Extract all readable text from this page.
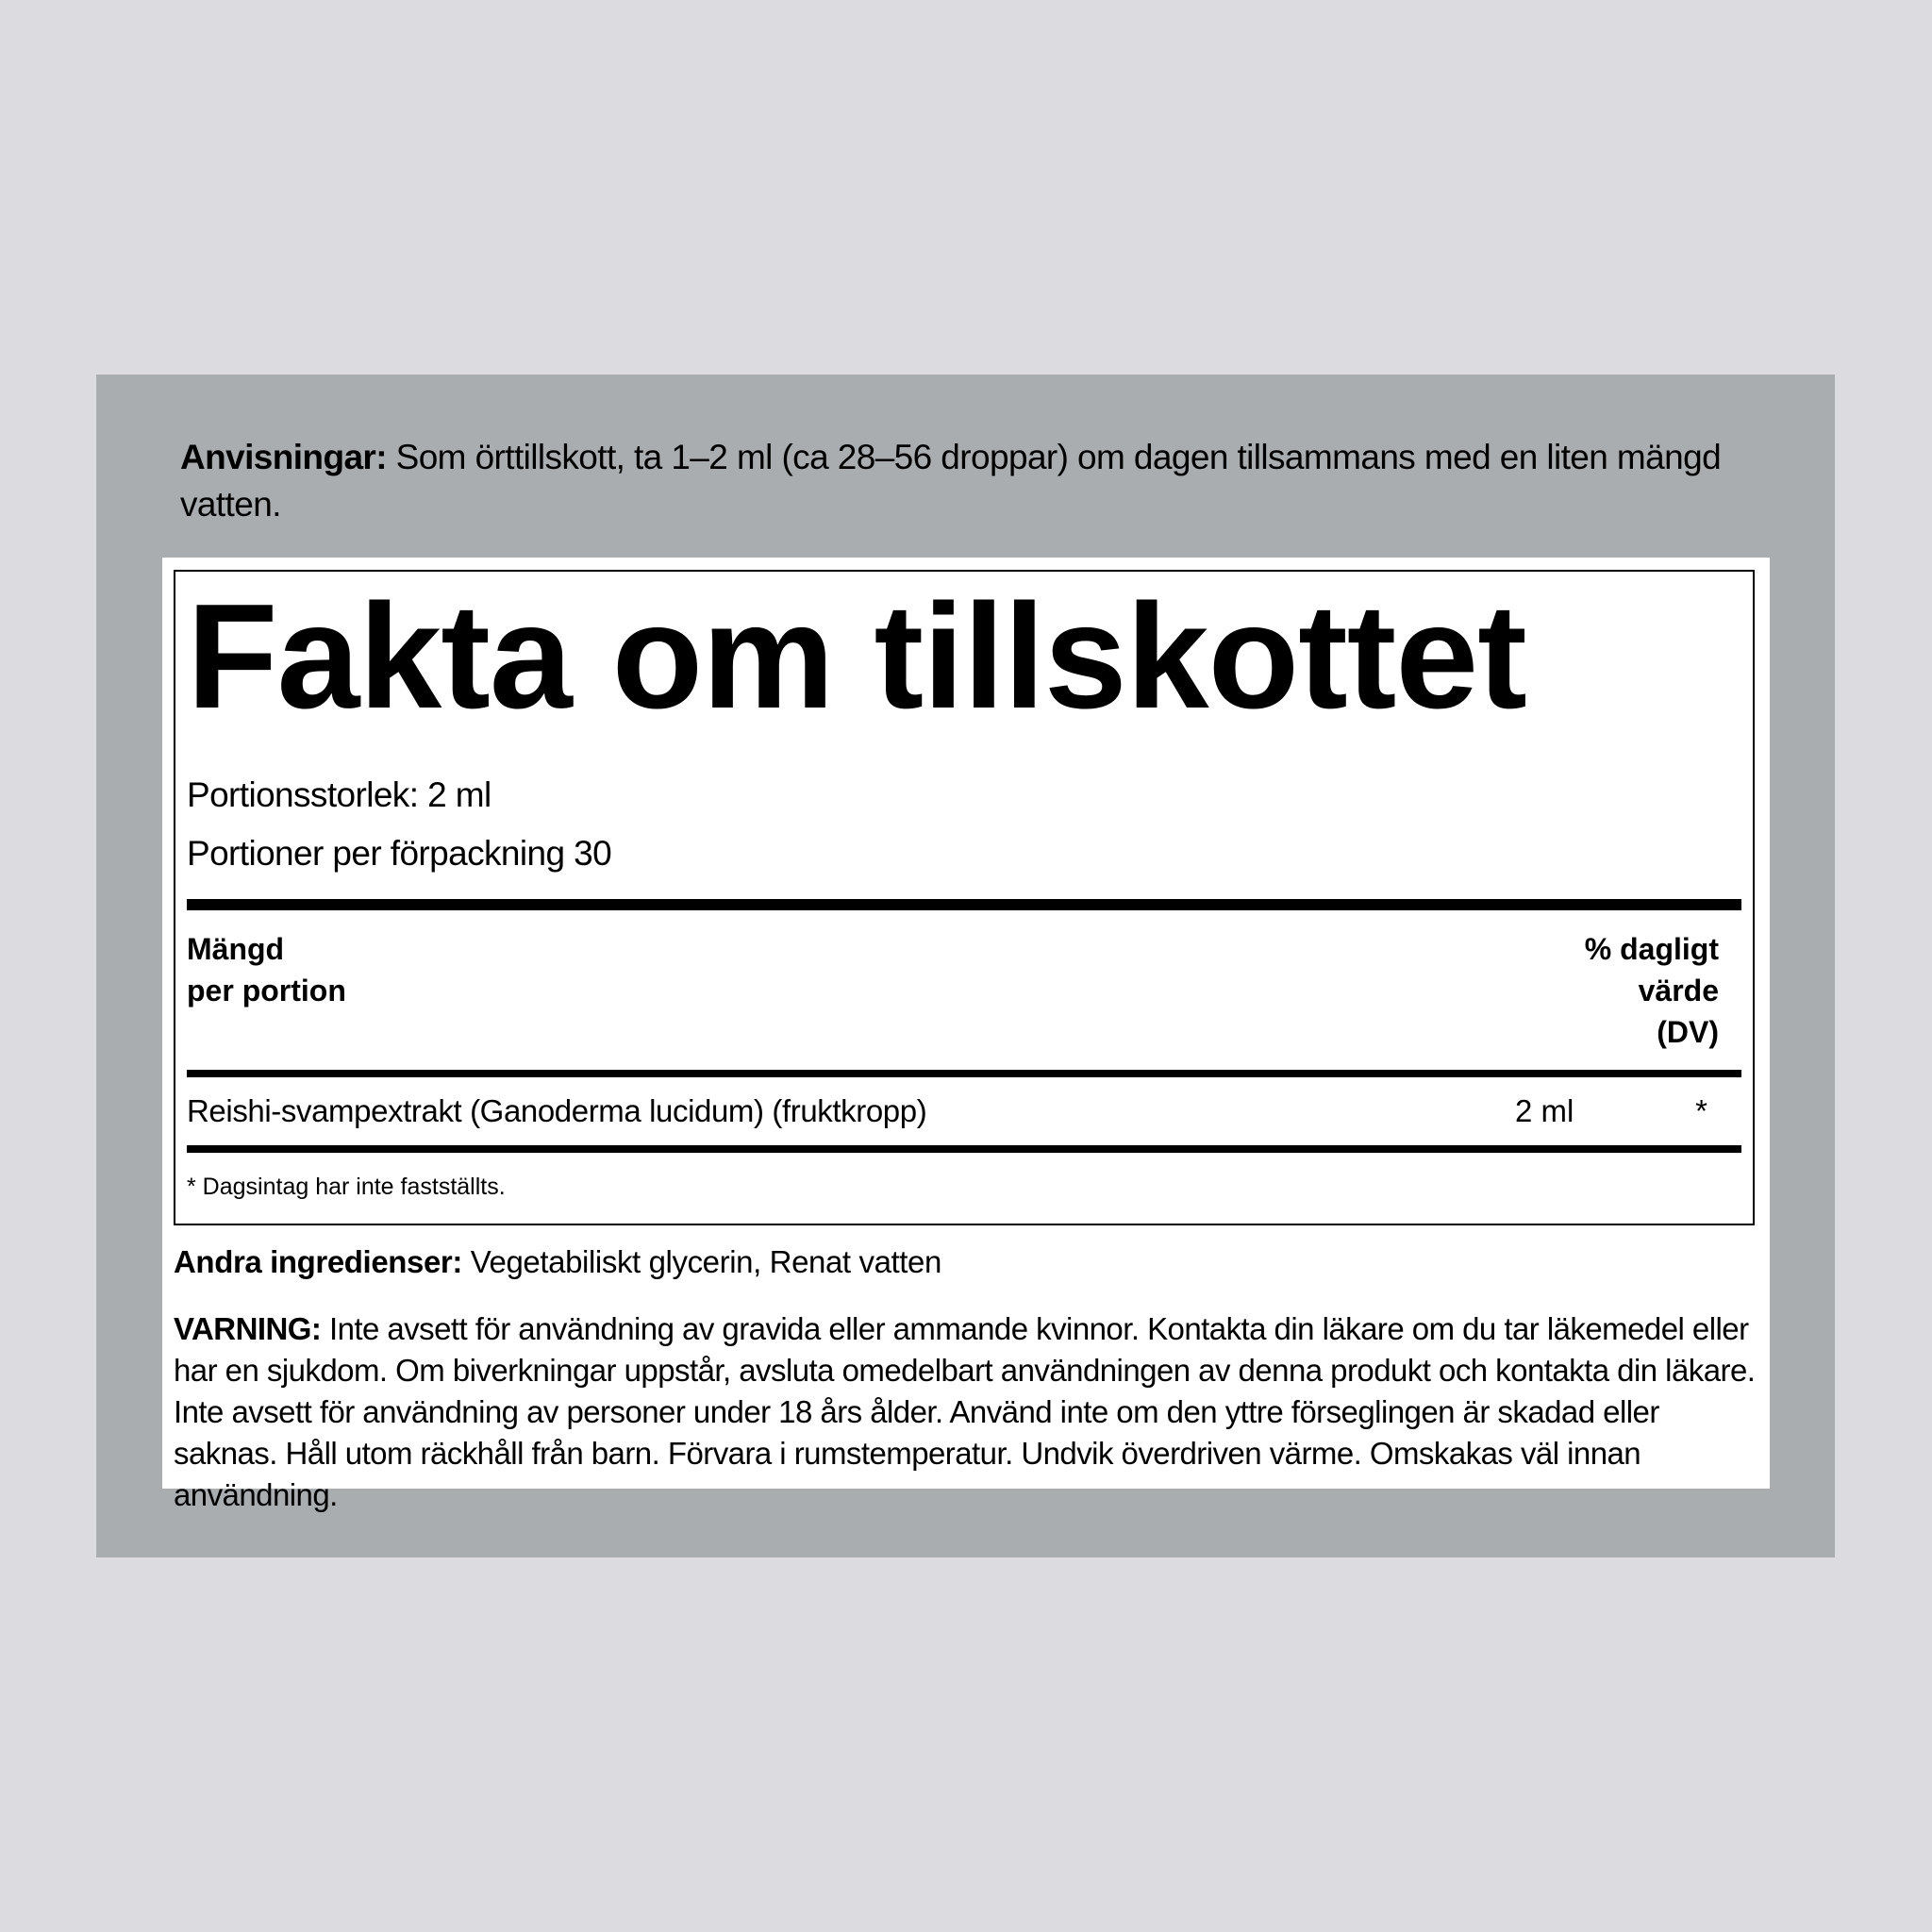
Anvisningar: Som örttillskott, ta 1–2 ml (ca 28–56 droppar) om dagen tillsammans med en liten mängd vatten.
Fakta om tillskottet
Portionsstorlek: 2 ml
Portioner per förpackning 30
Mängd
per portion
% dagligt
värde
(DV)
Reishi-svampextrakt (Ganoderma lucidum) (fruktkropp)	2 ml	*
* Dagsintag har inte fastställts.
Andra ingredienser: Vegetabiliskt glycerin, Renat vatten
VARNING: Inte avsett för användning av gravida eller ammande kvinnor. Kontakta din läkare om du tar läkemedel eller har en sjukdom. Om biverkningar uppstår, avsluta omedelbart användningen av denna produkt och kontakta din läkare. Inte avsett för användning av personer under 18 års ålder. Använd inte om den yttre förseglingen är skadad eller saknas. Håll utom räckhåll från barn. Förvara i rumstemperatur. Undvik överdriven värme. Omskakas väl innan användning.
